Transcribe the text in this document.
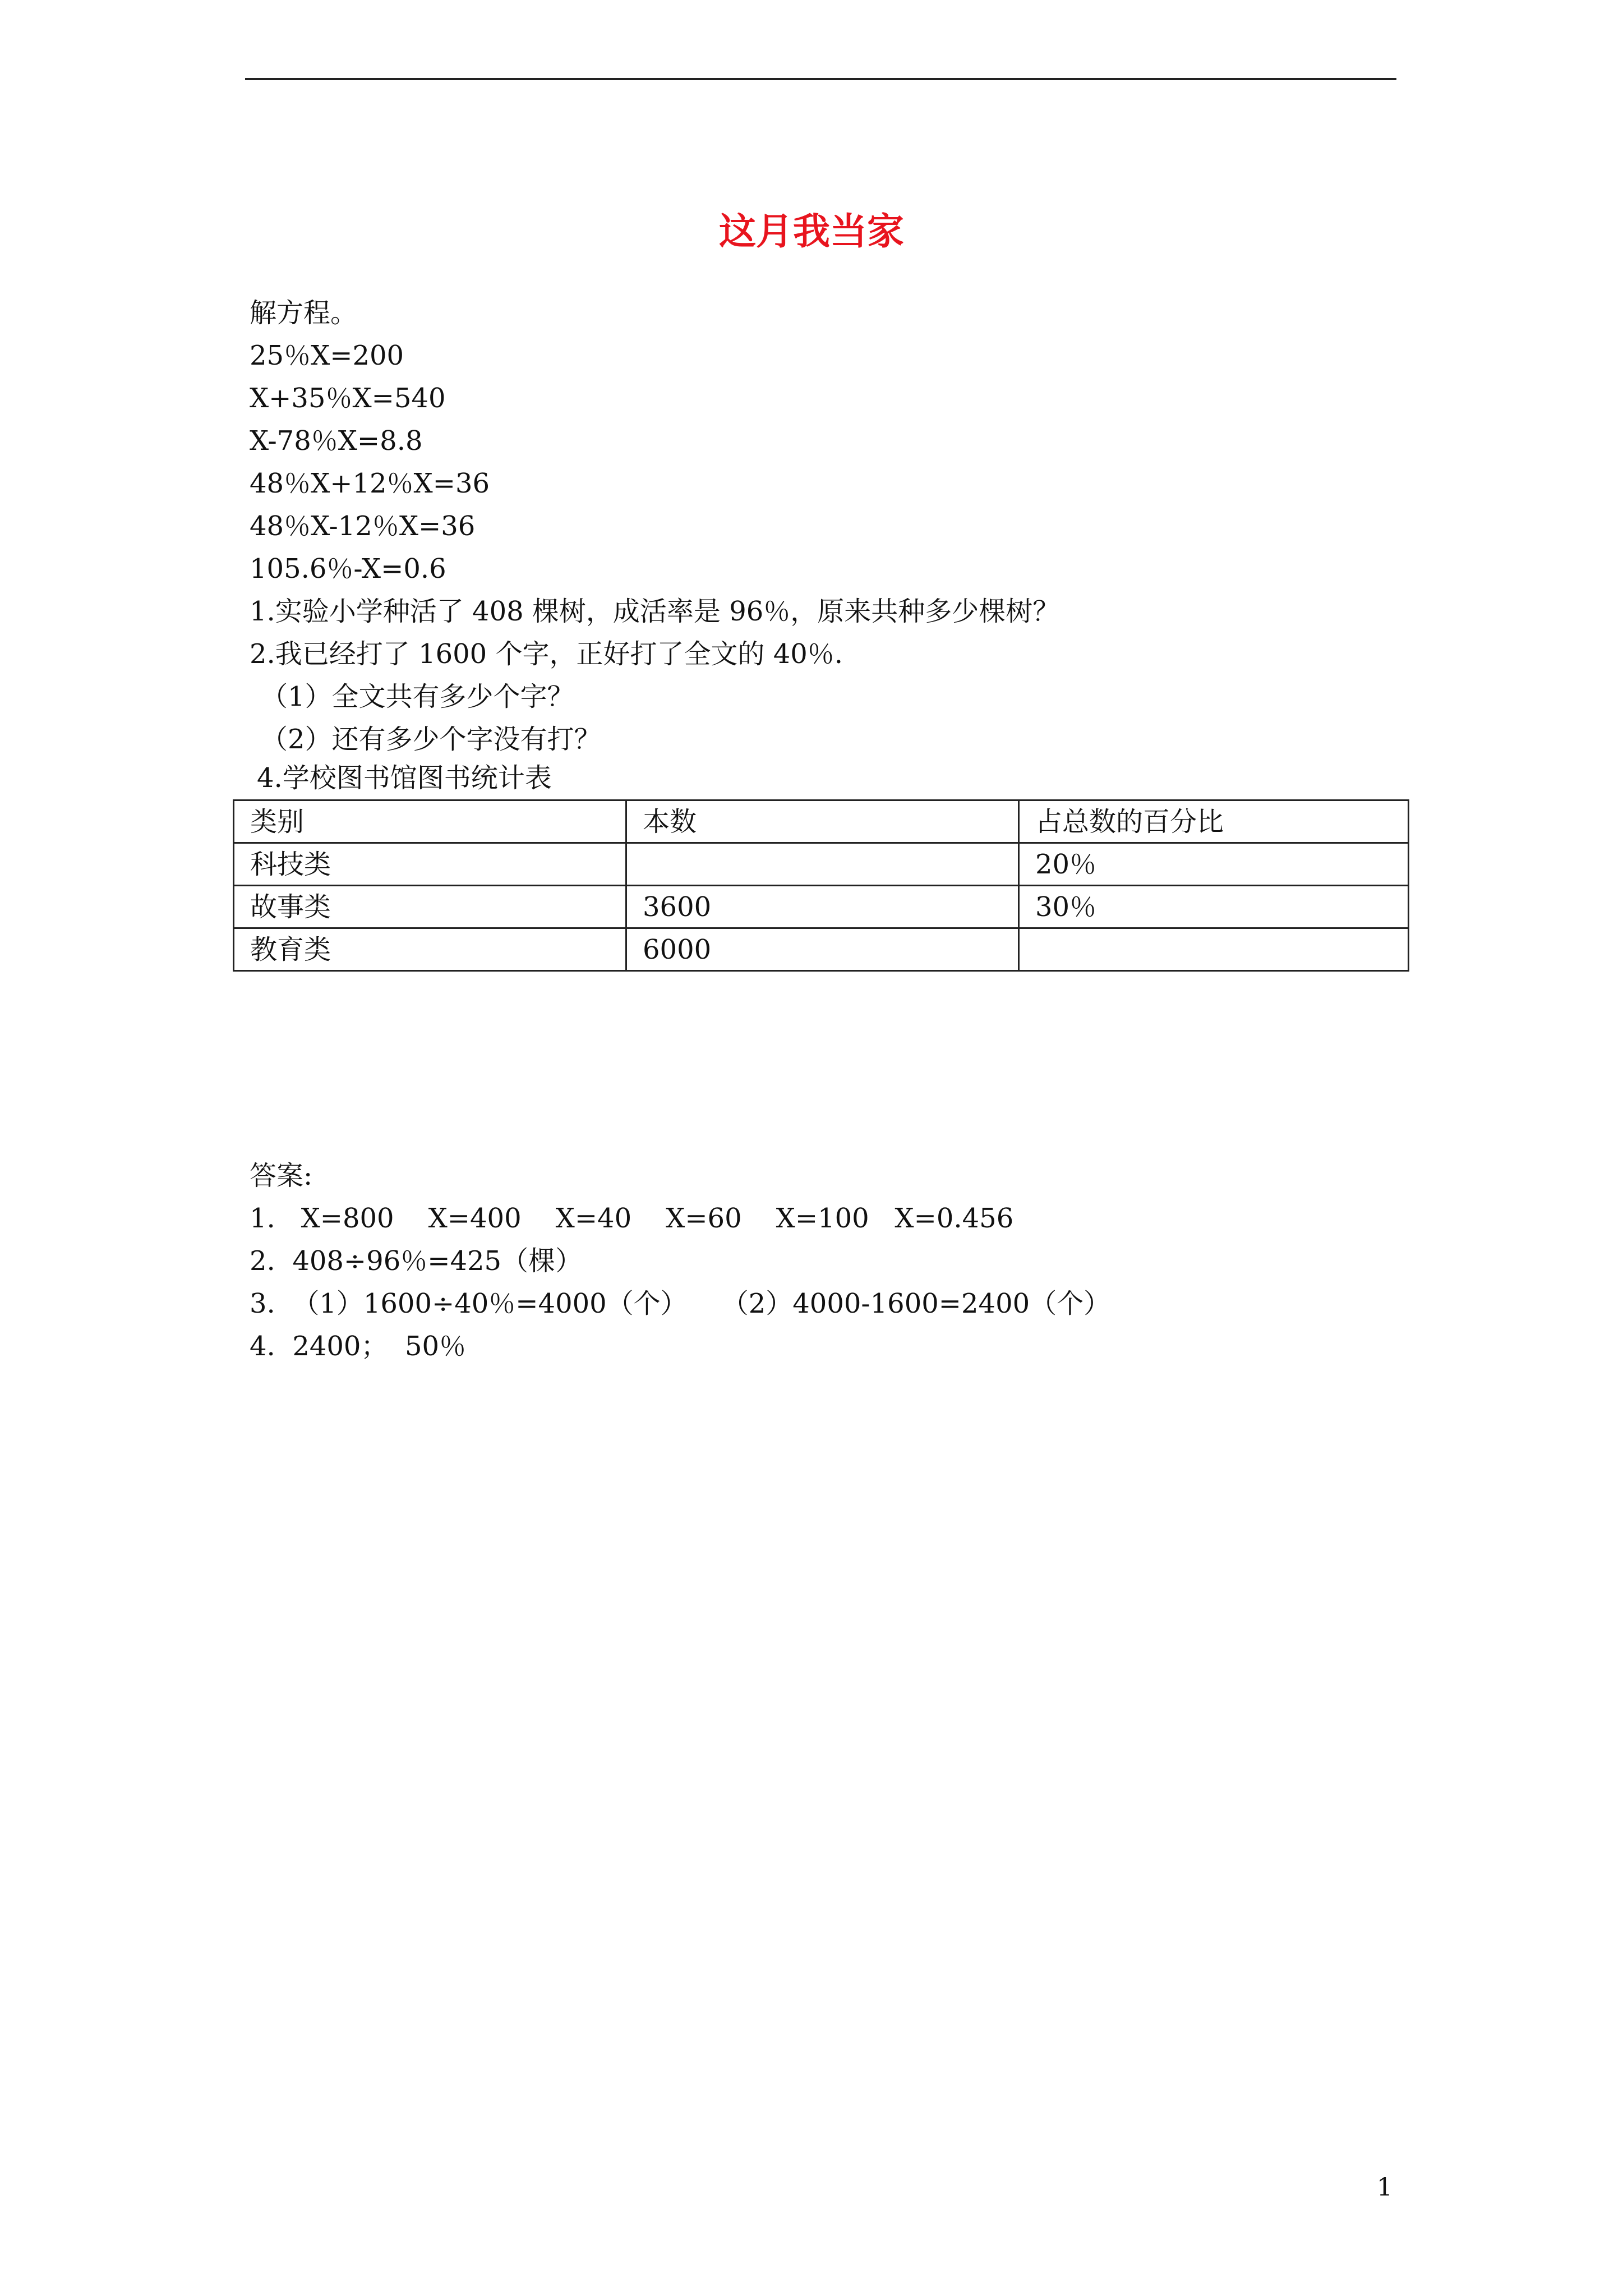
这月我当家
解方程。
25％X=200
X+35％X=540
X-78％X=8.8
48％X+12％X=36
48％X-12％X=36
105.6％-X=0.6
1.实验小学种活了 408 棵树，成活率是 96％，原来共种多少棵树？
2.我已经打了 1600 个字，正好打了全文的 40％.
（1）全文共有多少个字？
（2）还有多少个字没有打？
4.学校图书馆图书统计表
类别	本数	占总数的百分比
科技类		20％
故事类	3600	30％
教育类	6000	
答案:
1.   X=800    X=400    X=40    X=60    X=100   X=0.456
2.  408÷96％=425（棵）
3.  （1）1600÷40％=4000（个）    （2）4000-1600=2400（个）
4.  2400；  50％
1
